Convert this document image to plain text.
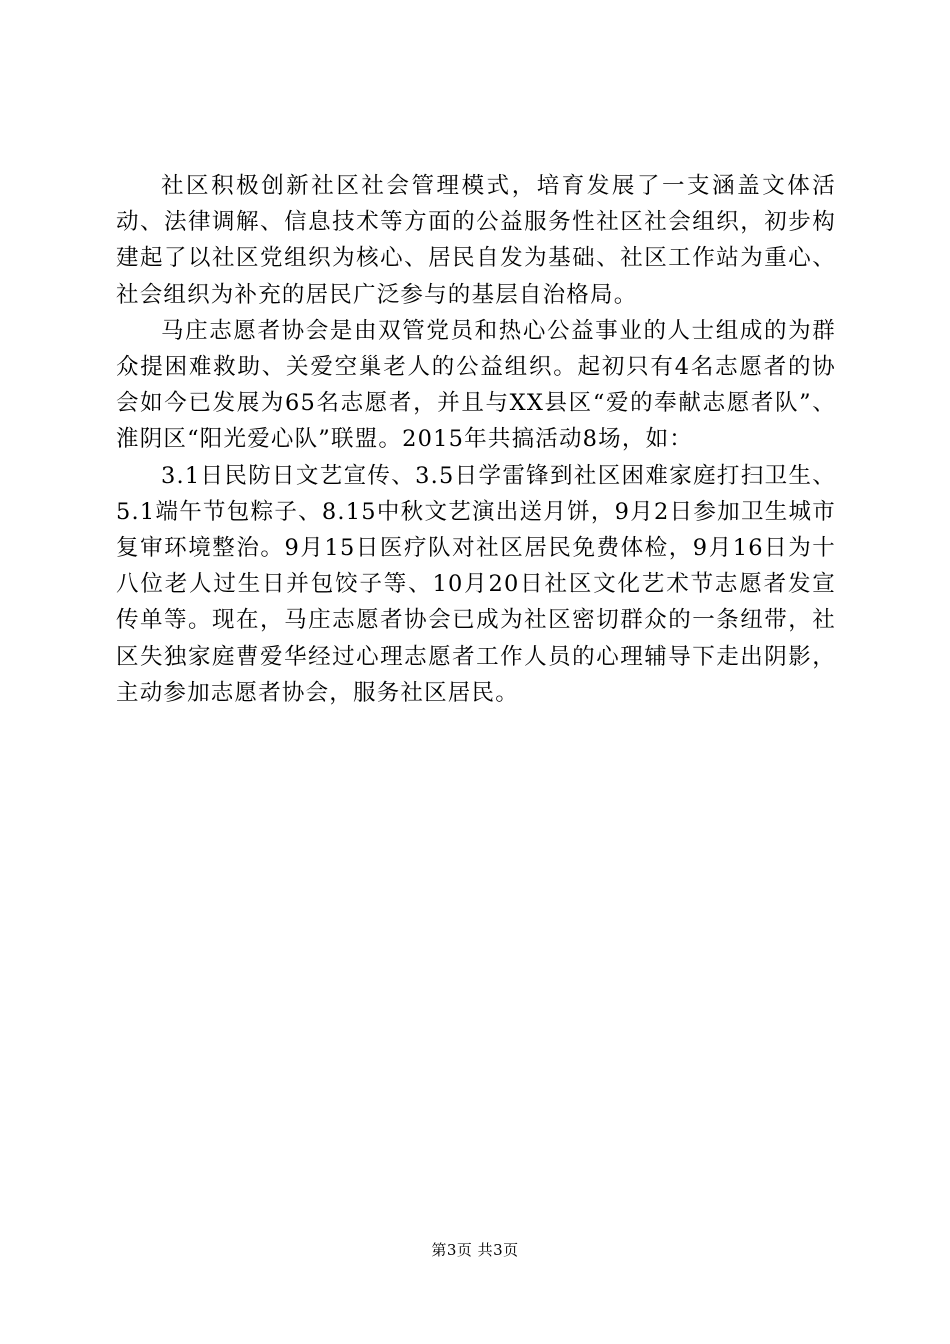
社区积极创新社区社会管理模式，培育发展了一支涵盖文体活动、法律调解、信息技术等方面的公益服务性社区社会组织，初步构建起了以社区党组织为核心、居民自发为基础、社区工作站为重心、社会组织为补充的居民广泛参与的基层自治格局。

马庄志愿者协会是由双管党员和热心公益事业的人士组成的为群众提困难救助、关爱空巢老人的公益组织。起初只有4名志愿者的协会如今已发展为65名志愿者，并且与XX县区“爱的奉献志愿者队”、淮阴区“阳光爱心队”联盟。2015年共搞活动8场，如：

3.1日民防日文艺宣传、3.5日学雷锋到社区困难家庭打扫卫生、5.1端午节包粽子、8.15中秋文艺演出送月饼，9月2日参加卫生城市复审环境整治。9月15日医疗队对社区居民免费体检，9月16日为十八位老人过生日并包饺子等、10月20日社区文化艺术节志愿者发宣传单等。现在，马庄志愿者协会已成为社区密切群众的一条纽带，社区失独家庭曹爱华经过心理志愿者工作人员的心理辅导下走出阴影，主动参加志愿者协会，服务社区居民。

第3页 共3页
